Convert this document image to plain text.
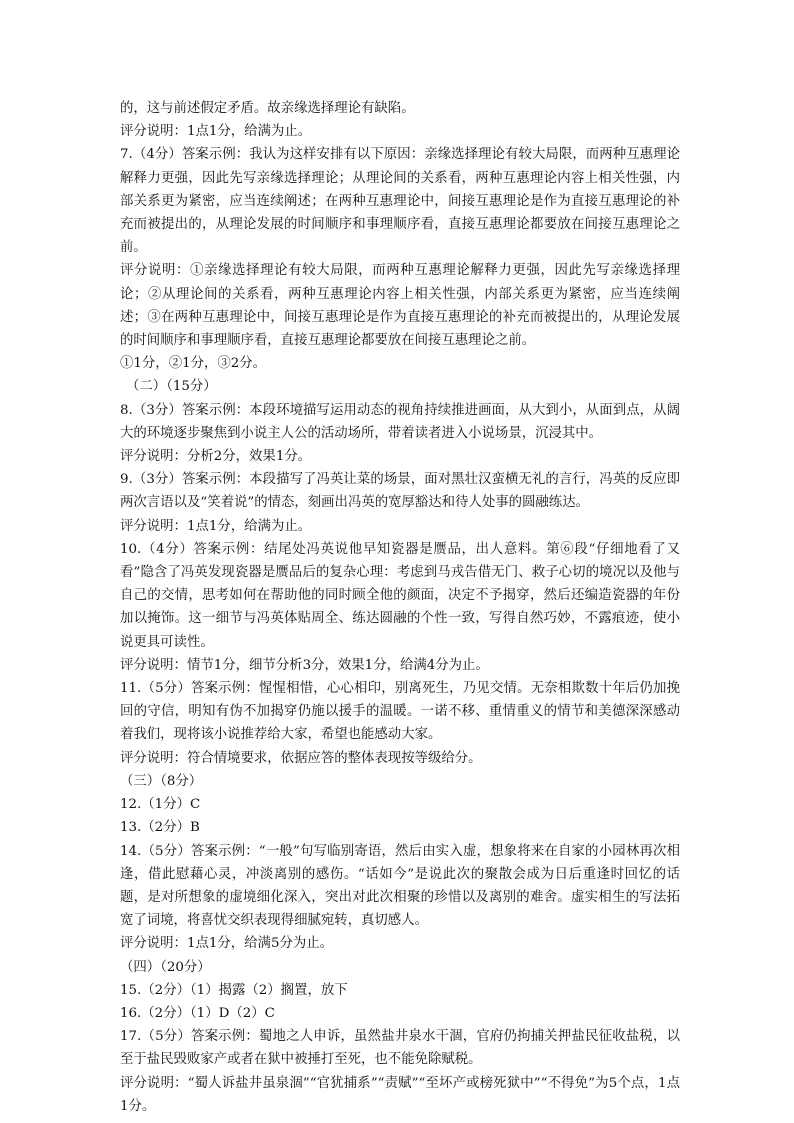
的，这与前述假定矛盾。故亲缘选择理论有缺陷。

评分说明：1点1分，给满为止。

7.（4分）答案示例：我认为这样安排有以下原因：亲缘选择理论有较大局限，而两种互惠理论解释力更强，因此先写亲缘选择理论；从理论间的关系看，两种互惠理论内容上相关性强，内部关系更为紧密，应当连续阐述；在两种互惠理论中，间接互惠理论是作为直接互惠理论的补充而被提出的，从理论发展的时间顺序和事理顺序看，直接互惠理论都要放在间接互惠理论之前。

评分说明：①亲缘选择理论有较大局限，而两种互惠理论解释力更强，因此先写亲缘选择理论；②从理论间的关系看，两种互惠理论内容上相关性强，内部关系更为紧密，应当连续阐述；③在两种互惠理论中，间接互惠理论是作为直接互惠理论的补充而被提出的，从理论发展的时间顺序和事理顺序看，直接互惠理论都要放在间接互惠理论之前。

①1分，②1分，③2分。

（二）（15分）

8.（3分）答案示例：本段环境描写运用动态的视角持续推进画面，从大到小，从面到点，从阔大的环境逐步聚焦到小说主人公的活动场所，带着读者进入小说场景，沉浸其中。

评分说明：分析2分，效果1分。

9.（3分）答案示例：本段描写了冯英让菜的场景，面对黑壮汉蛮横无礼的言行，冯英的反应即两次言语以及“笑着说”的情态，刻画出冯英的宽厚豁达和待人处事的圆融练达。

评分说明：1点1分，给满为止。

10.（4分）答案示例：结尾处冯英说他早知瓷器是赝品，出人意料。第⑥段“仔细地看了又看”隐含了冯英发现瓷器是赝品后的复杂心理：考虑到马戎告借无门、救子心切的境况以及他与自己的交情，思考如何在帮助他的同时顾全他的颜面，决定不予揭穿，然后还编造瓷器的年份加以掩饰。这一细节与冯英体贴周全、练达圆融的个性一致，写得自然巧妙，不露痕迹，使小说更具可读性。

评分说明：情节1分，细节分析3分，效果1分，给满4分为止。

11.（5分）答案示例：惺惺相惜，心心相印，别离死生，乃见交情。无奈相欺数十年后仍加挽回的守信，明知有伪不加揭穿仍施以援手的温暖。一诺不移、重情重义的情节和美德深深感动着我们，现将该小说推荐给大家，希望也能感动大家。

评分说明：符合情境要求，依据应答的整体表现按等级给分。

（三）（8分）

12.（1分）C

13.（2分）B

14.（5分）答案示例：“一般”句写临别寄语，然后由实入虚，想象将来在自家的小园林再次相逢，借此慰藉心灵，冲淡离别的感伤。“话如今”是说此次的聚散会成为日后重逢时回忆的话题，是对所想象的虚境细化深入，突出对此次相聚的珍惜以及离别的难舍。虚实相生的写法拓宽了词境，将喜忧交织表现得细腻宛转，真切感人。

评分说明：1点1分，给满5分为止。

（四）（20分）

15.（2分）（1）揭露（2）搁置，放下

16.（2分）（1）D（2）C

17.（5分）答案示例：蜀地之人申诉，虽然盐井泉水干涸，官府仍拘捕关押盐民征收盐税，以至于盐民毁败家产或者在狱中被捶打至死，也不能免除赋税。

评分说明：“蜀人诉盐井虽泉涸”“官犹捕系”“责赋”“至坏产或榜死狱中”“不得免”为5个点，1点1分。
